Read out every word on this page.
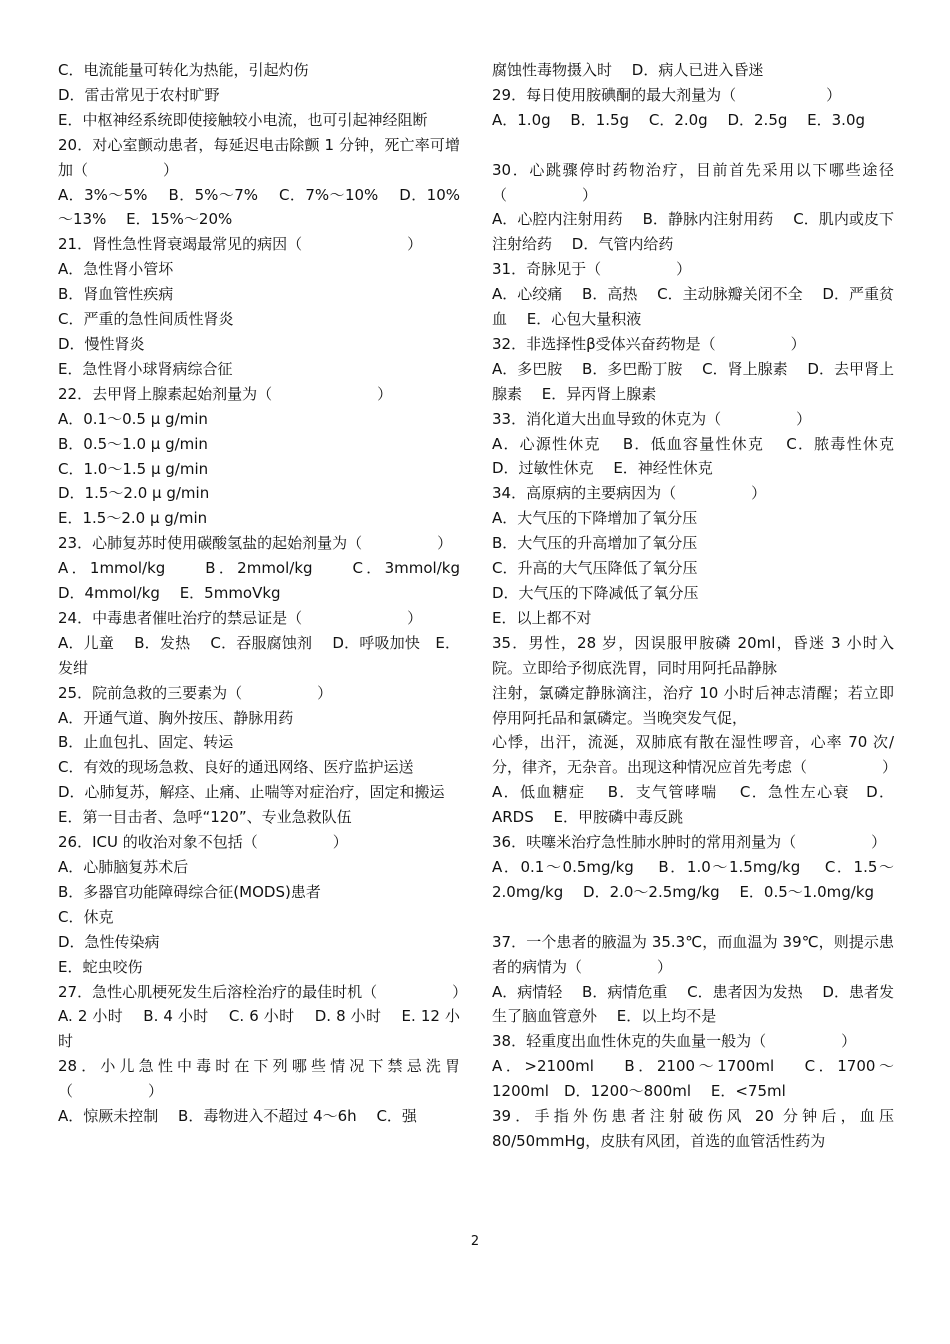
C．电流能量可转化为热能，引起灼伤
D．雷击常见于农村旷野
E．中枢神经系统即使接触较小电流，也可引起神经阻断
20．对心室颤动患者，每延迟电击除颤 1 分钟，死亡率可增加（　　　　　）
A．3%～5%　 B．5%～7%　 C．7%～10%　 D．10%～13%　 E．15%～20%
21．肾性急性肾衰竭最常见的病因（　　　　　　　）
A．急性肾小管坏
B．肾血管性疾病
C．严重的急性间质性肾炎
D．慢性肾炎
E．急性肾小球肾病综合征
22．去甲肾上腺素起始剂量为（　　　　　　　）
A．0.1～0.5 μ g/min
B．0.5～1.0 μ g/min
C．1.0～1.5 μ g/min
D．1.5～2.0 μ g/min
E．1.5～2.0 μ g/min
23．心肺复苏时使用碳酸氢盐的起始剂量为（　　　　　）
A．1mmol/kg　　B．2mmol/kg　　C．3mmol/kg　D．4mmol/kg　 E．5mmoVkg
24．中毒患者催吐治疗的禁忌证是（　　　　　　　）
A．儿童　 B．发热　 C．吞服腐蚀剂　 D．呼吸加快　E．发绀
25．院前急救的三要素为（　　　　　）
A．开通气道、胸外按压、静脉用药
B．止血包扎、固定、转运
C．有效的现场急救、良好的通迅网络、医疗监护运送
D．心肺复苏，解痉、止痛、止喘等对症治疗，固定和搬运
E．第一目击者、急呼“120”、专业急救队伍
26．ICU 的收治对象不包括（　　　　　）
A．心肺脑复苏术后
B．多器官功能障碍综合征(MODS)患者
C．休克
D．急性传染病
E．蛇虫咬伤
27．急性心肌梗死发生后溶栓治疗的最佳时机（　　　　　）
A. 2 小时　 B. 4 小时　 C. 6 小时　 D. 8 小时　 E. 12 小时
28．小儿急性中毒时在下列哪些情况下禁忌洗胃（　　　　　）
A．惊厥未控制　 B．毒物进入不超过 4～6h　 C．强
腐蚀性毒物摄入时　 D．病人已进入昏迷
29．每日使用胺碘酮的最大剂量为（　　　　　　）
A．1.0g　 B．1.5g　 C．2.0g　 D．2.5g　 E．3.0g
30．心跳骤停时药物治疗，目前首先采用以下哪些途径（　　　　　）
A．心腔内注射用药　 B．静脉内注射用药　 C．肌内或皮下注射给药　 D．气管内给药
31．奇脉见于（　　　　　）
A．心绞痛　 B．高热　 C．主动脉瓣关闭不全　 D．严重贫血　 E．心包大量积液
32．非选择性β受体兴奋药物是（　　　　　）
A．多巴胺　 B．多巴酚丁胺　 C．肾上腺素　 D．去甲肾上腺素　 E．异丙肾上腺素
33．消化道大出血导致的休克为（　　　　　）
A．心源性休克　 B．低血容量性休克　 C．脓毒性休克　 D．过敏性休克　 E．神经性休克
34．高原病的主要病因为（　　　　　）
A．大气压的下降增加了氧分压
B．大气压的升高增加了氧分压
C．升高的大气压降低了氧分压
D．大气压的下降减低了氧分压
E．以上都不对
35．男性，28 岁，因误服甲胺磷 20ml，昏迷 3 小时入院。立即给予彻底洗胃，同时用阿托品静脉
注射，氯磷定静脉滴注，治疗 10 小时后神志清醒；若立即停用阿托品和氯磷定。当晚突发气促，
心悸，出汗，流涎，双肺底有散在湿性啰音，心率 70 次/分，律齐，无杂音。出现这种情况应首先考虑（　　　　　）
A．低血糖症　 B．支气管哮喘　 C．急性左心衰　D．ARDS　 E．甲胺磷中毒反跳
36．呋噻米治疗急性肺水肿时的常用剂量为（　　　　　）
A．0.1～0.5mg/kg　 B．1.0～1.5mg/kg　 C．1.5～2.0mg/kg　 D．2.0～2.5mg/kg　 E．0.5～1.0mg/kg
37．一个患者的腋温为 35.3℃，而血温为 39℃，则提示患者的病情为（　　　　　）
A．病情轻　 B．病情危重　 C．患者因为发热　 D．患者发生了脑血管意外　 E．以上均不是
38．轻重度出血性休克的失血量一般为（　　　　　）
A．>2100ml　 B．2100～1700ml　 C．1700～1200ml　D．1200～800ml　 E．<75ml
39．手指外伤患者注射破伤风 20 分钟后，血压 80/50mmHg，皮肤有风团，首选的血管活性药为
2
